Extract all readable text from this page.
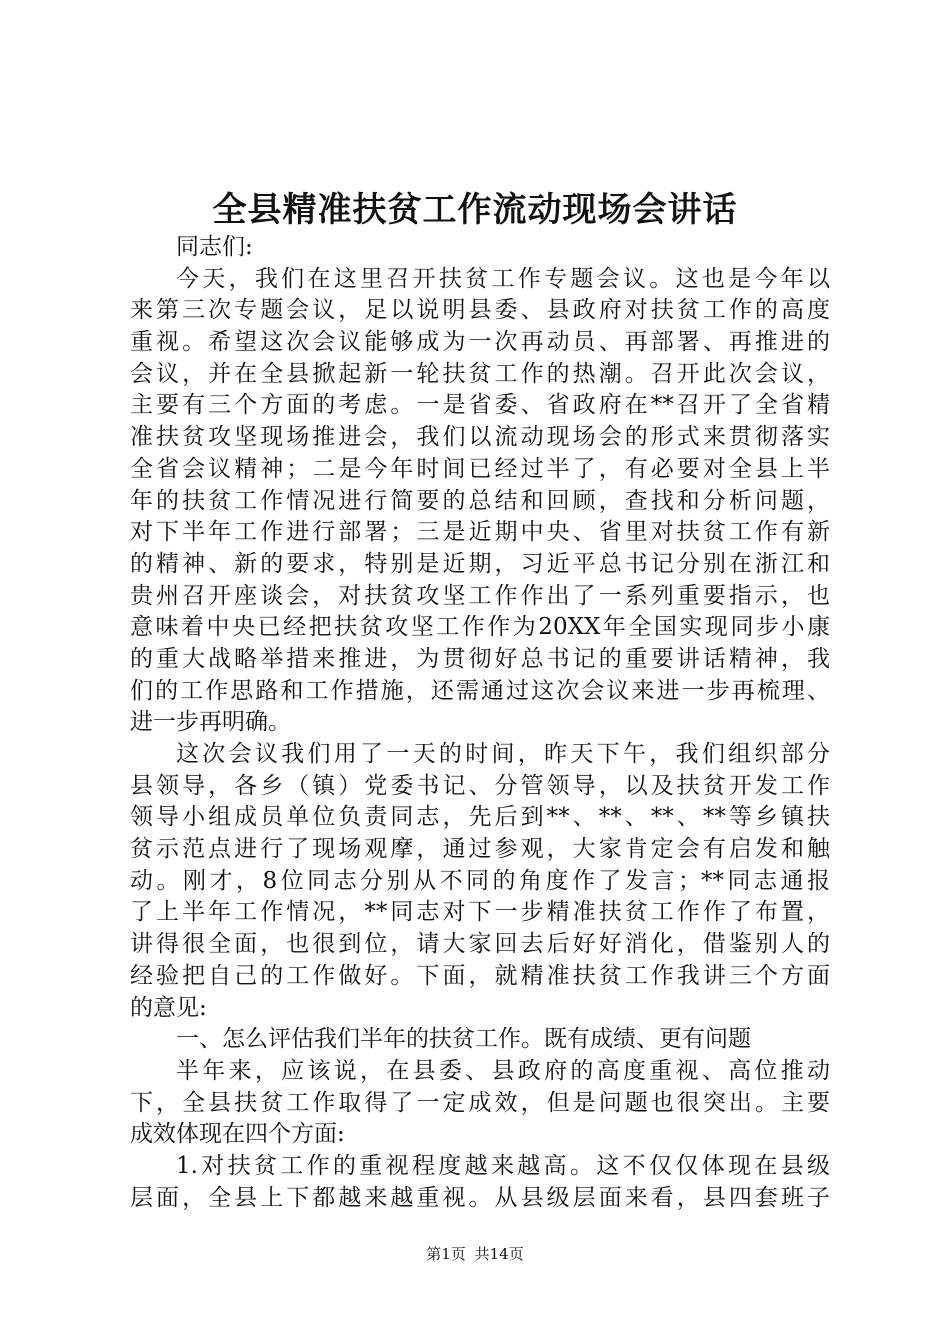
全县精准扶贫工作流动现场会讲话
同志们:
今天，我们在这里召开扶贫工作专题会议。这也是今年以
来第三次专题会议，足以说明县委、县政府对扶贫工作的高度
重视。希望这次会议能够成为一次再动员、再部署、再推进的
会议，并在全县掀起新一轮扶贫工作的热潮。召开此次会议，
主要有三个方面的考虑。一是省委、省政府在**召开了全省精
准扶贫攻坚现场推进会，我们以流动现场会的形式来贯彻落实
全省会议精神；二是今年时间已经过半了，有必要对全县上半
年的扶贫工作情况进行简要的总结和回顾，查找和分析问题，
对下半年工作进行部署；三是近期中央、省里对扶贫工作有新
的精神、新的要求，特别是近期，习近平总书记分别在浙江和
贵州召开座谈会，对扶贫攻坚工作作出了一系列重要指示，也
意味着中央已经把扶贫攻坚工作作为20XX年全国实现同步小康
的重大战略举措来推进，为贯彻好总书记的重要讲话精神，我
们的工作思路和工作措施，还需通过这次会议来进一步再梳理、
进一步再明确。
这次会议我们用了一天的时间，昨天下午，我们组织部分
县领导，各乡（镇）党委书记、分管领导，以及扶贫开发工作
领导小组成员单位负责同志，先后到**、**、**、**等乡镇扶
贫示范点进行了现场观摩，通过参观，大家肯定会有启发和触
动。刚才，8位同志分别从不同的角度作了发言；**同志通报
了上半年工作情况，**同志对下一步精准扶贫工作作了布置，
讲得很全面，也很到位，请大家回去后好好消化，借鉴别人的
经验把自己的工作做好。下面，就精准扶贫工作我讲三个方面
的意见:
一、怎么评估我们半年的扶贫工作。既有成绩、更有问题
半年来，应该说，在县委、县政府的高度重视、高位推动
下，全县扶贫工作取得了一定成效，但是问题也很突出。主要
成效体现在四个方面:
1.对扶贫工作的重视程度越来越高。这不仅仅体现在县级
层面，全县上下都越来越重视。从县级层面来看，县四套班子
第1页 共14页
